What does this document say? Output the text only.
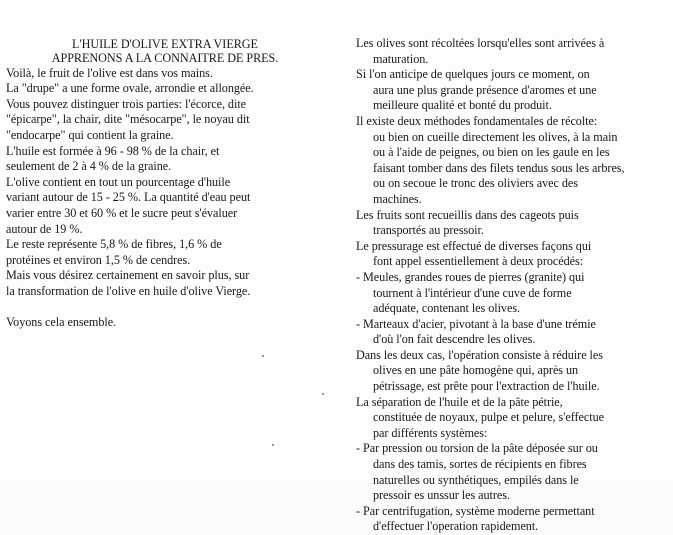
L'HUILE D'OLIVE EXTRA VIERGE

APPRENONS A LA CONNAITRE DE PRES.

Voilà, le fruit de l'olive est dans vos mains.

La "drupe" a une forme ovale, arrondie et allongée.

Vous pouvez distinguer trois parties: l'écorce, dite

"épicarpe", la chair, dite "mésocarpe", le noyau dit

"endocarpe" qui contient la graine.

L'huile est formée à 96 - 98 % de la chair, et

seulement de 2 à 4 % de la graine.

L'olive contient en tout un pourcentage d'huile

variant autour de 15 - 25 %. La quantité d'eau peut

varier entre 30 et 60 % et le sucre peut s'évaluer

autour de 19 %.

Le reste représente 5,8 % de fibres, 1,6 % de

protéines et environ 1,5 % de cendres.

Mais vous désirez certainement en savoir plus, sur

la transformation de l'olive en huile d'olive Vierge.

Voyons cela ensemble.

Les olives sont récoltées lorsqu'elles sont arrivées à

maturation.

Si l'on anticipe de quelques jours ce moment, on

aura une plus grande présence d'aromes et une

meilleure qualité et bonté du produit.

Il existe deux méthodes fondamentales de récolte:

ou bien on cueille directement les olives, à la main

ou à l'aide de peignes, ou bien on les gaule en les

faisant tomber dans des filets tendus sous les arbres,

ou on secoue le tronc des oliviers avec des

machines.

Les fruits sont recueillis dans des cageots puis

transportés au pressoir.

Le pressurage est effectué de diverses façons qui

font appel essentiellement à deux procédés:

- Meules, grandes roues de pierres (granite) qui

tournent à l'intérieur d'une cuve de forme

adéquate, contenant les olives.

- Marteaux d'acier, pivotant à la base d'une trémie

d'où l'on fait descendre les olives.

Dans les deux cas, l'opération consiste à réduire les

olives en une pâte homogène qui, après un

pétrissage, est prête pour l'extraction de l'huile.

La séparation de l'huile et de la pâte pétrie,

constituée de noyaux, pulpe et pelure, s'effectue

par différents systèmes:

- Par pression ou torsion de la pâte déposée sur ou

dans des tamis, sortes de récipients en fibres

naturelles ou synthétiques, empilés dans le

pressoir es unssur les autres.

- Par centrifugation, système moderne permettant

d'effectuer l'operation rapidement.
